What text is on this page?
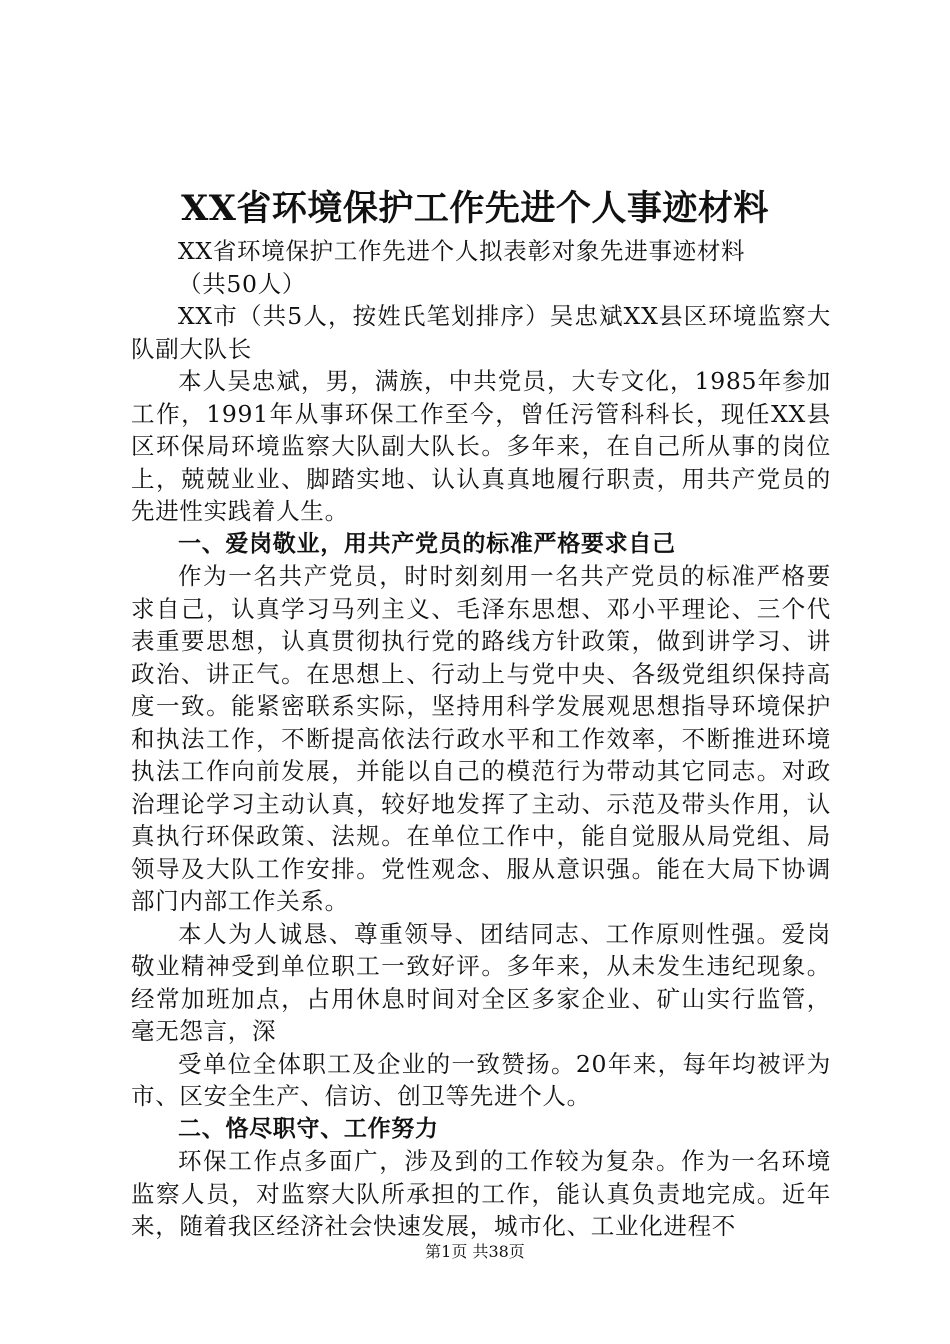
XX省环境保护工作先进个人事迹材料

XX省环境保护工作先进个人拟表彰对象先进事迹材料

（共50人）

XX市（共5人，按姓氏笔划排序）吴忠斌XX县区环境监察大队副大队长

本人吴忠斌，男，满族，中共党员，大专文化，1985年参加工作，1991年从事环保工作至今，曾任污管科科长，现任XX县区环保局环境监察大队副大队长。多年来，在自己所从事的岗位上，兢兢业业、脚踏实地、认认真真地履行职责，用共产党员的先进性实践着人生。

一、爱岗敬业，用共产党员的标准严格要求自己

作为一名共产党员，时时刻刻用一名共产党员的标准严格要求自己，认真学习马列主义、毛泽东思想、邓小平理论、三个代表重要思想，认真贯彻执行党的路线方针政策，做到讲学习、讲政治、讲正气。在思想上、行动上与党中央、各级党组织保持高度一致。能紧密联系实际，坚持用科学发展观思想指导环境保护和执法工作，不断提高依法行政水平和工作效率，不断推进环境执法工作向前发展，并能以自己的模范行为带动其它同志。对政治理论学习主动认真，较好地发挥了主动、示范及带头作用，认真执行环保政策、法规。在单位工作中，能自觉服从局党组、局领导及大队工作安排。党性观念、服从意识强。能在大局下协调部门内部工作关系。

本人为人诚恳、尊重领导、团结同志、工作原则性强。爱岗敬业精神受到单位职工一致好评。多年来，从未发生违纪现象。经常加班加点，占用休息时间对全区多家企业、矿山实行监管，毫无怨言，深

受单位全体职工及企业的一致赞扬。20年来，每年均被评为市、区安全生产、信访、创卫等先进个人。

二、恪尽职守、工作努力

环保工作点多面广，涉及到的工作较为复杂。作为一名环境监察人员，对监察大队所承担的工作，能认真负责地完成。近年来，随着我区经济社会快速发展，城市化、工业化进程不

第1页 共38页
